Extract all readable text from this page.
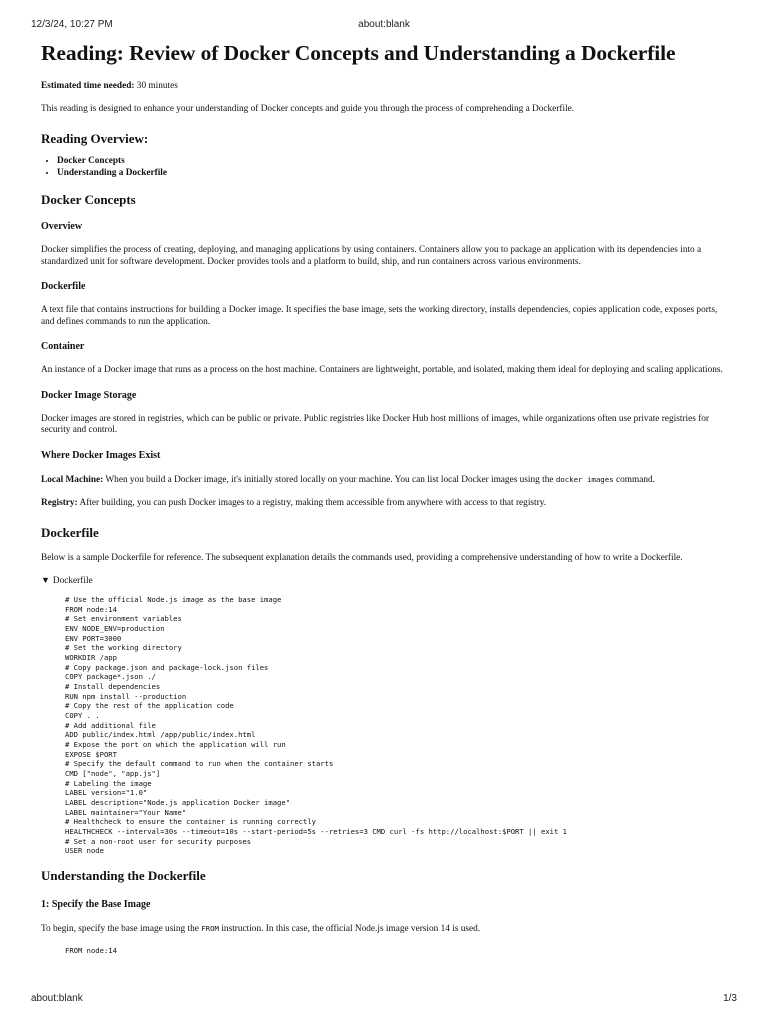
12/3/24, 10:27 PM	about:blank
Reading: Review of Docker Concepts and Understanding a Dockerfile

Estimated time needed: 30 minutes

This reading is designed to enhance your understanding of Docker concepts and guide you through the process of comprehending a Dockerfile.

Reading Overview:
• Docker Concepts
• Understanding a Dockerfile
Docker Concepts
Overview

Docker simplifies the process of creating, deploying, and managing applications by using containers. Containers allow you to package an application with its dependencies into a standardized unit for software development. Docker provides tools and a platform to build, ship, and run containers across various environments.

Dockerfile

A text file that contains instructions for building a Docker image. It specifies the base image, sets the working directory, installs dependencies, copies application code, exposes ports, and defines commands to run the application.

Container

An instance of a Docker image that runs as a process on the host machine. Containers are lightweight, portable, and isolated, making them ideal for deploying and scaling applications.

Docker Image Storage

Docker images are stored in registries, which can be public or private. Public registries like Docker Hub host millions of images, while organizations often use private registries for security and control.

Where Docker Images Exist

Local Machine: When you build a Docker image, it's initially stored locally on your machine. You can list local Docker images using the docker images command.

Registry: After building, you can push Docker images to a registry, making them accessible from anywhere with access to that registry.

Dockerfile

Below is a sample Dockerfile for reference. The subsequent explanation details the commands used, providing a comprehensive understanding of how to write a Dockerfile.

▼ Dockerfile
# Use the official Node.js image as the base image
FROM node:14
# Set environment variables
ENV NODE_ENV=production
ENV PORT=3000
# Set the working directory
WORKDIR /app
# Copy package.json and package-lock.json files
COPY package*.json ./
# Install dependencies
RUN npm install --production
# Copy the rest of the application code
COPY . .
# Add additional file
ADD public/index.html /app/public/index.html
# Expose the port on which the application will run
EXPOSE $PORT
# Specify the default command to run when the container starts
CMD ["node", "app.js"]
# Labeling the image
LABEL version="1.0"
LABEL description="Node.js application Docker image"
LABEL maintainer="Your Name"
# Healthcheck to ensure the container is running correctly
HEALTHCHECK --interval=30s --timeout=10s --start-period=5s --retries=3 CMD curl -fs http://localhost:$PORT || exit 1
# Set a non-root user for security purposes
USER node
Understanding the Dockerfile
1: Specify the Base Image

To begin, specify the base image using the FROM instruction. In this case, the official Node.js image version 14 is used.

FROM node:14
about:blank	1/3
